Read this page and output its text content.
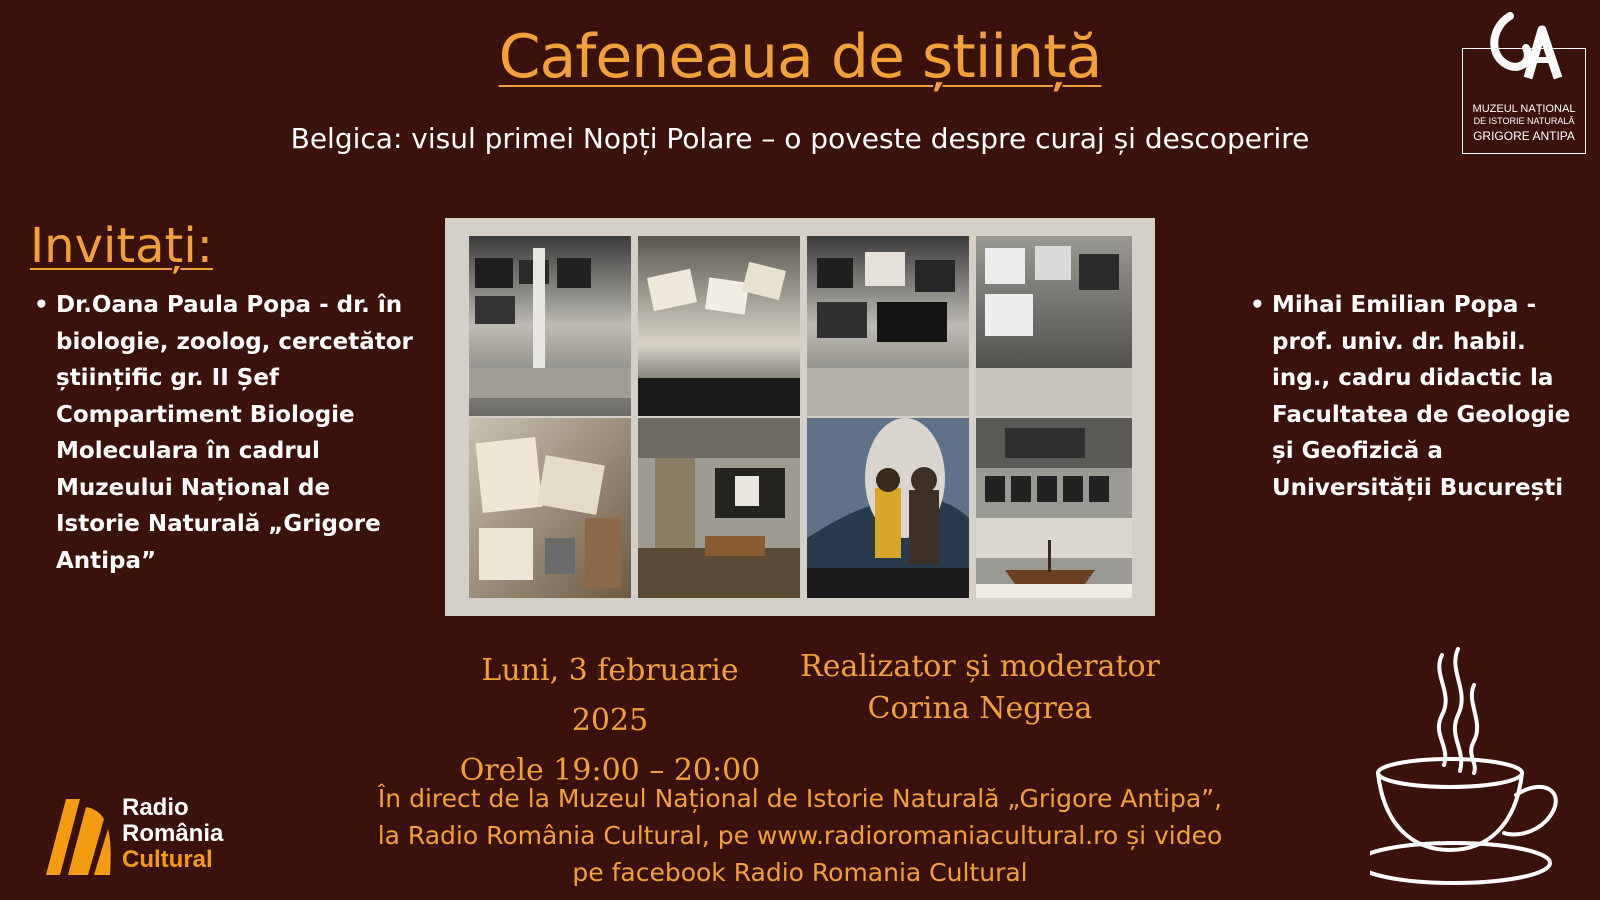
Cafeneaua de știință
Belgica: visul primei Nopți Polare – o poveste despre curaj și descoperire
MUZEUL NAȚIONAL
DE ISTORIE NATURALĂ
GRIGORE ANTIPA
Invitați:
• Dr.Oana Paula Popa - dr. în biologie, zoolog, cercetător științific gr. II Șef Compartiment Biologie Moleculara în cadrul Muzeului Național de Istorie Naturală „Grigore Antipa”
• Mihai Emilian Popa - prof. univ. dr. habil. ing., cadru didactic la Facultatea de Geologie și Geofizică a Universității București
Luni, 3 februarie 2025
Orele 19:00 – 20:00
Realizator și moderator
Corina Negrea
În direct de la Muzeul Național de Istorie Naturală „Grigore Antipa”,
la Radio România Cultural, pe www.radioromaniacultural.ro și video
pe facebook Radio Romania Cultural
Radio
România
Cultural
